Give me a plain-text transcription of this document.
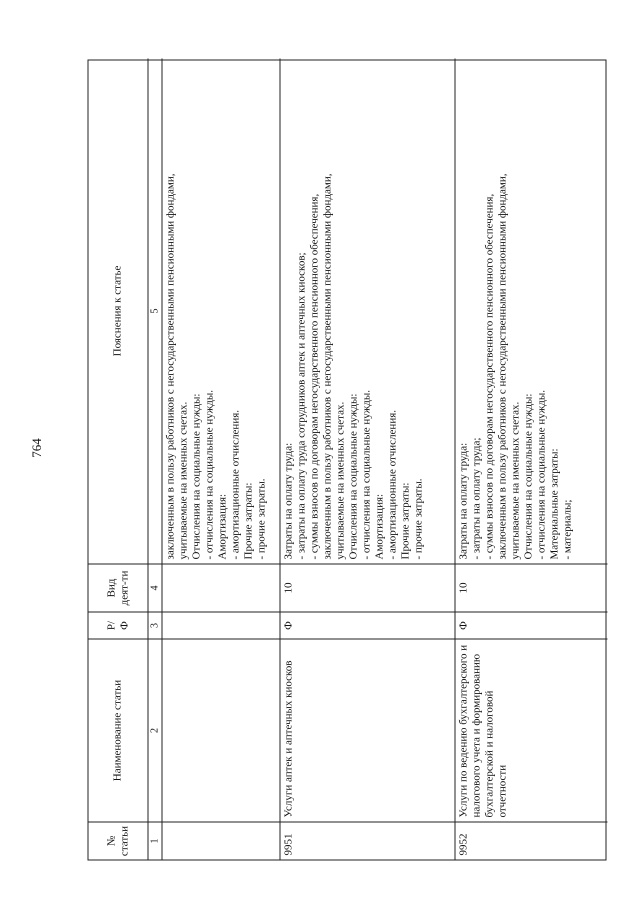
764
№ статьи
Наименование статьи
Р/ Ф
Вид деят-ти
Пояснения к статье
1
2
3
4
5 заключенным в пользу работников с негосударственными пенсионными фондами, учитываемые на именных счетах. Отчисления на социальные нужды: - отчисления на социальные нужды. Амортизация: - амортизационные отчисления. Прочие затраты: - прочие затраты.
9951
Услуги аптек и аптечных киосков
Ф
10
Затраты на оплату труда: - затраты на оплату труда сотрудников аптек и аптечных киосков; - суммы взносов по договорам негосударственного пенсионного обеспечения, заключенным в пользу работников с негосударственными пенсионными фондами, учитываемые на именных счетах. Отчисления на социальные нужды: - отчисления на социальные нужды. Амортизация: - амортизационные отчисления. Прочие затраты: - прочие затраты.
9952
Услуги по ведению бухгалтерского и налогового учета и формированию бухгалтерской и налоговой отчетности
Ф
10
Затраты на оплату труда: - затраты на оплату труда; - суммы взносов по договорам негосударственного пенсионного обеспечения, заключенным в пользу работников с негосударственными пенсионными фондами, учитываемые на именных счетах. Отчисления на социальные нужды: - отчисления на социальные нужды. Материальные затраты: - материалы;
